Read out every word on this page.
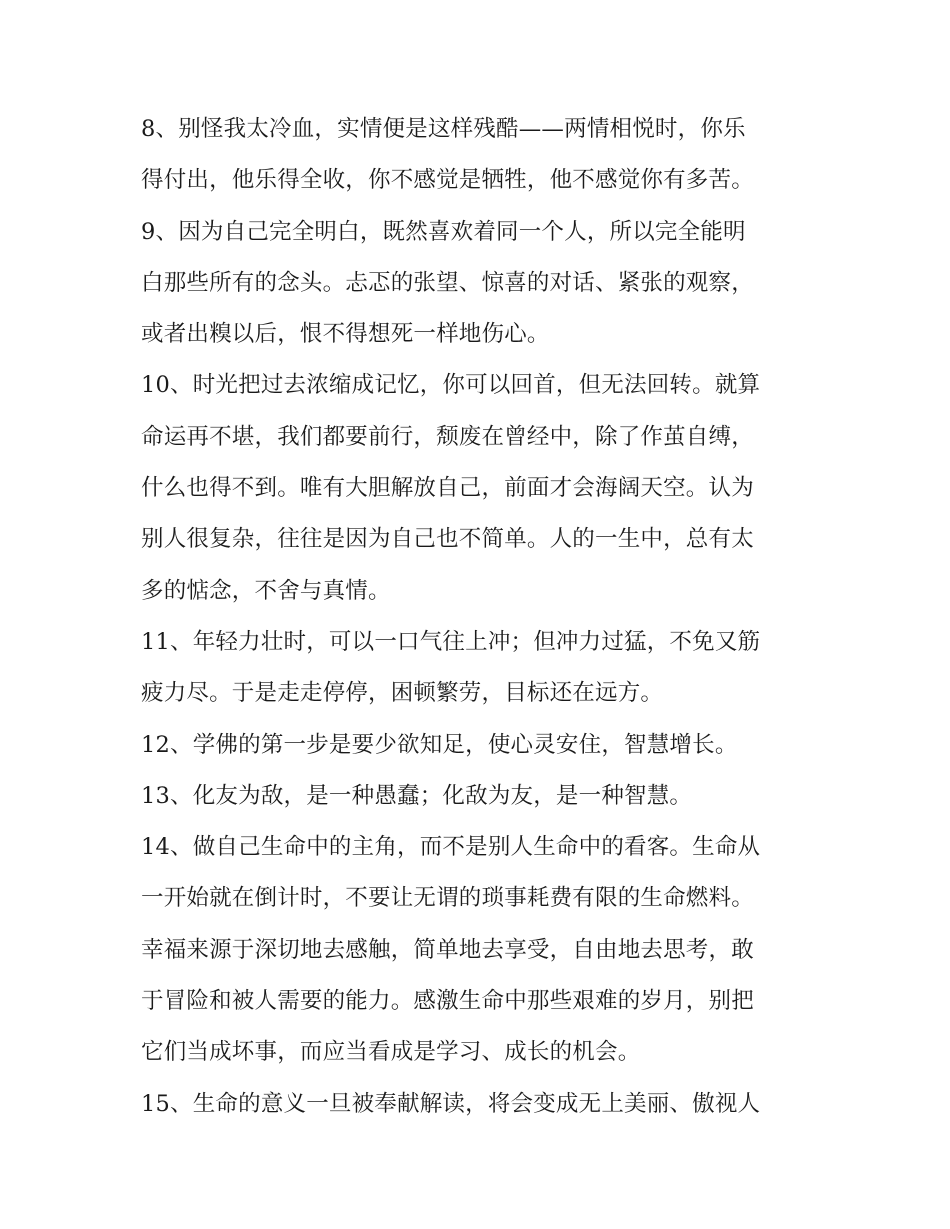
8、别怪我太冷血，实情便是这样残酷——两情相悦时，你乐
得付出，他乐得全收，你不感觉是牺牲，他不感觉你有多苦。
9、因为自己完全明白，既然喜欢着同一个人，所以完全能明
白那些所有的念头。忐忑的张望、惊喜的对话、紧张的观察，
或者出糗以后，恨不得想死一样地伤心。
10、时光把过去浓缩成记忆，你可以回首，但无法回转。就算
命运再不堪，我们都要前行，颓废在曾经中，除了作茧自缚，
什么也得不到。唯有大胆解放自己，前面才会海阔天空。认为
别人很复杂，往往是因为自己也不简单。人的一生中，总有太
多的惦念，不舍与真情。
11、年轻力壮时，可以一口气往上冲；但冲力过猛，不免又筋
疲力尽。于是走走停停，困顿繁劳，目标还在远方。
12、学佛的第一步是要少欲知足，使心灵安住，智慧增长。
13、化友为敌，是一种愚蠢；化敌为友，是一种智慧。
14、做自己生命中的主角，而不是别人生命中的看客。生命从
一开始就在倒计时，不要让无谓的琐事耗费有限的生命燃料。
幸福来源于深切地去感触，简单地去享受，自由地去思考，敢
于冒险和被人需要的能力。感激生命中那些艰难的岁月，别把
它们当成坏事，而应当看成是学习、成长的机会。
15、生命的意义一旦被奉献解读，将会变成无上美丽、傲视人
